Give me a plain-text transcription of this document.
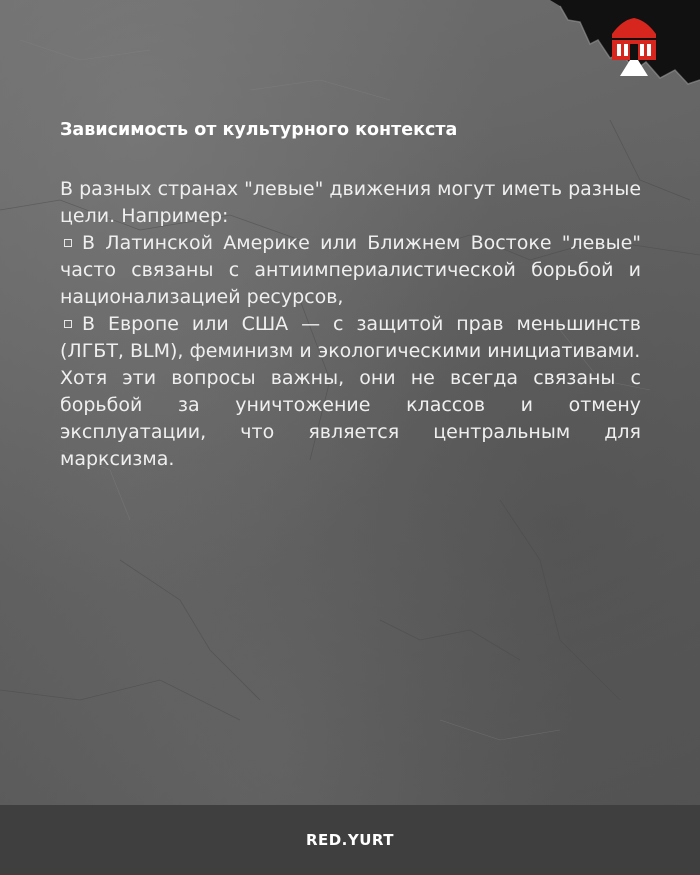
Зависимость от культурного контекста

В разных странах "левые" движения могут иметь разные цели. Например:

В Латинской Америке или Ближнем Востоке "левые" часто связаны с антиимпериалистической борьбой и национализацией ресурсов,

В Европе или США — с защитой прав меньшинств (ЛГБТ, BLM), феминизм и экологическими инициативами.

Хотя эти вопросы важны, они не всегда связаны с борьбой за уничтожение классов и отмену эксплуатации, что является центральным для марксизма.

RED.YURT
